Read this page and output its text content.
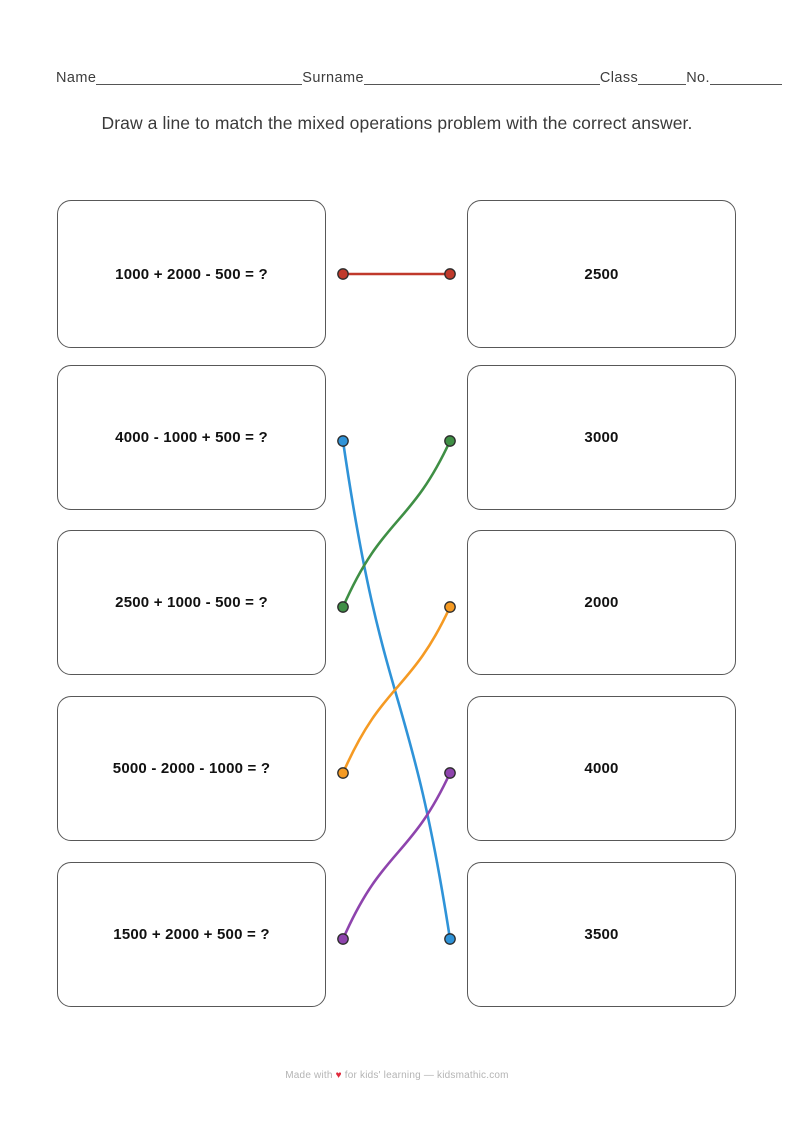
Name	Surname	Class	No.
Draw a line to match the mixed operations problem with the correct answer.
1000 + 2000 - 500 = ?
4000 - 1000 + 500 = ?
2500 + 1000 - 500 = ?
5000 - 2000 - 1000 = ?
1500 + 2000 + 500 = ?
2500
3000
2000
4000
3500
Made with ♥ for kids' learning — kidsmathic.com
